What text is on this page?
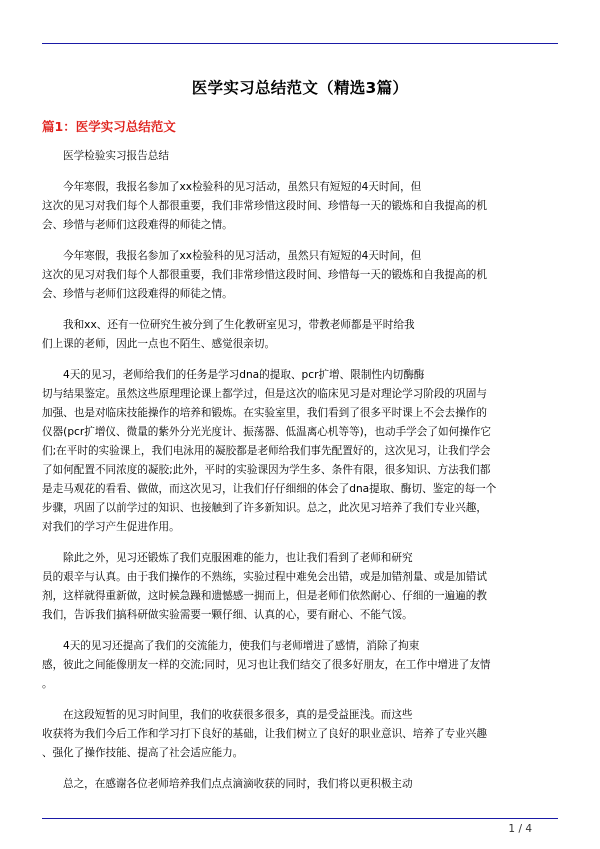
医学实习总结范文（精选3篇）
篇1：医学实习总结范文

医学检验实习报告总结

今年寒假，我报名参加了xx检验科的见习活动，虽然只有短短的4天时间，但
这次的见习对我们每个人都很重要，我们非常珍惜这段时间、珍惜每一天的锻炼和自我提高的机
会、珍惜与老师们这段难得的师徒之情。

今年寒假，我报名参加了xx检验科的见习活动，虽然只有短短的4天时间，但
这次的见习对我们每个人都很重要，我们非常珍惜这段时间、珍惜每一天的锻炼和自我提高的机
会、珍惜与老师们这段难得的师徒之情。

我和xx、还有一位研究生被分到了生化教研室见习，带教老师都是平时给我
们上课的老师，因此一点也不陌生、感觉很亲切。

4天的见习，老师给我们的任务是学习dna的提取、pcr扩增、限制性内切酶酶
切与结果鉴定。虽然这些原理理论课上都学过，但是这次的临床见习是对理论学习阶段的巩固与
加强、也是对临床技能操作的培养和锻炼。在实验室里，我们看到了很多平时课上不会去操作的
仪器(pcr扩增仪、微量的紫外分光光度计、振荡器、低温离心机等等)，也动手学会了如何操作它
们;在平时的实验课上，我们电泳用的凝胶都是老师给我们事先配置好的，这次见习，让我们学会
了如何配置不同浓度的凝胶;此外，平时的实验课因为学生多、条件有限，很多知识、方法我们都
是走马观花的看看、做做，而这次见习，让我们仔仔细细的体会了dna提取、酶切、鉴定的每一个
步骤，巩固了以前学过的知识、也接触到了许多新知识。总之，此次见习培养了我们专业兴趣，
对我们的学习产生促进作用。

除此之外，见习还锻炼了我们克服困难的能力，也让我们看到了老师和研究
员的艰辛与认真。由于我们操作的不熟练，实验过程中难免会出错，或是加错剂量、或是加错试
剂，这样就得重新做，这时候急躁和遗憾感一拥而上，但是老师们依然耐心、仔细的一遍遍的教
我们，告诉我们搞科研做实验需要一颗仔细、认真的心，要有耐心、不能气馁。

4天的见习还提高了我们的交流能力，使我们与老师增进了感情，消除了拘束
感，彼此之间能像朋友一样的交流;同时，见习也让我们结交了很多好朋友，在工作中增进了友情
。

在这段短暂的见习时间里，我们的收获很多很多，真的是受益匪浅。而这些
收获将为我们今后工作和学习打下良好的基础，让我们树立了良好的职业意识、培养了专业兴趣
、强化了操作技能、提高了社会适应能力。

总之，在感谢各位老师培养我们点点滴滴收获的同时，我们将以更积极主动

1 / 4
